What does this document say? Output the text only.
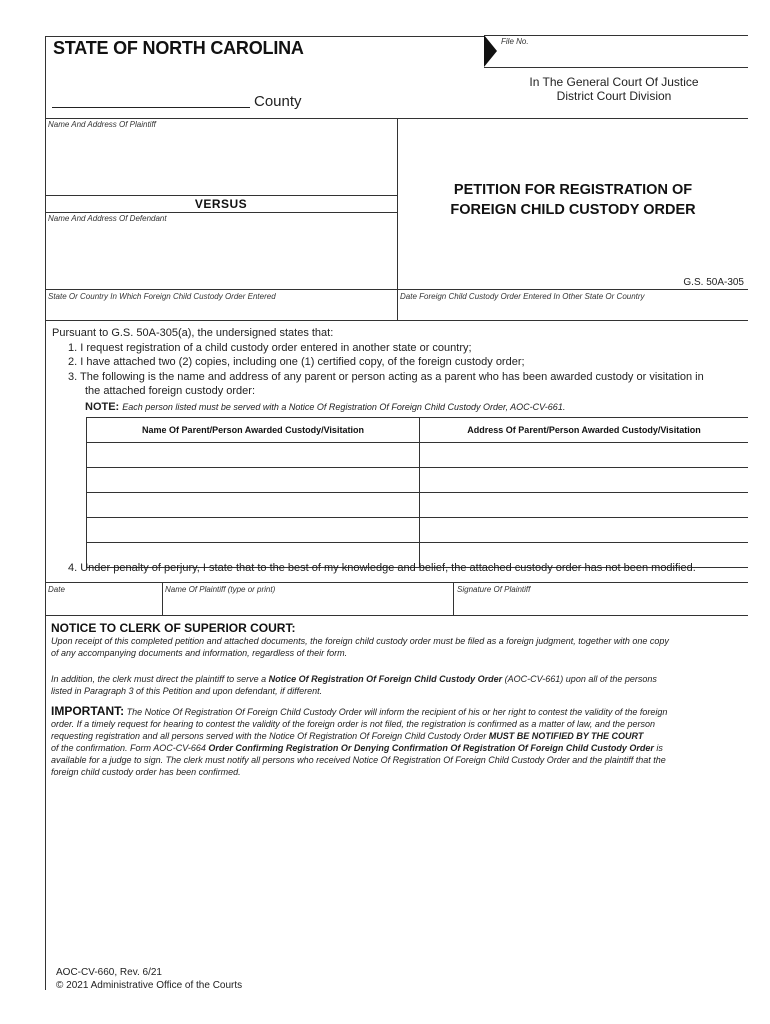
STATE OF NORTH CAROLINA	File No.
In The General Court Of Justice
District Court Division
County
Name And Address Of Plaintiff
VERSUS
Name And Address Of Defendant
PETITION FOR REGISTRATION OF
FOREIGN CHILD CUSTODY ORDER
G.S. 50A-305
State Or Country In Which Foreign Child Custody Order Entered	Date Foreign Child Custody Order Entered In Other State Or Country
Pursuant to G.S. 50A-305(a), the undersigned states that:
1. I request registration of a child custody order entered in another state or country;
2. I have attached two (2) copies, including one (1) certified copy, of the foreign custody order;
3. The following is the name and address of any parent or person acting as a parent who has been awarded custody or visitation in
the attached foreign custody order:
NOTE: Each person listed must be served with a Notice Of Registration Of Foreign Child Custody Order, AOC-CV-661.
Name Of Parent/Person Awarded Custody/Visitation	Address Of Parent/Person Awarded Custody/Visitation

4. Under penalty of perjury, I state that to the best of my knowledge and belief, the attached custody order has not been modified.
Date	Name Of Plaintiff (type or print)	Signature Of Plaintiff
NOTICE TO CLERK OF SUPERIOR COURT:
Upon receipt of this completed petition and attached documents, the foreign child custody order must be filed as a foreign judgment, together with one copy
of any accompanying documents and information, regardless of their form.
In addition, the clerk must direct the plaintiff to serve a Notice Of Registration Of Foreign Child Custody Order (AOC-CV-661) upon all of the persons
listed in Paragraph 3 of this Petition and upon defendant, if different.
IMPORTANT: The Notice Of Registration Of Foreign Child Custody Order will inform the recipient of his or her right to contest the validity of the foreign
order. If a timely request for hearing to contest the validity of the foreign order is not filed, the registration is confirmed as a matter of law, and the person
requesting registration and all persons served with the Notice Of Registration Of Foreign Child Custody Order MUST BE NOTIFIED BY THE COURT
of the confirmation. Form AOC-CV-664 Order Confirming Registration Or Denying Confirmation Of Registration Of Foreign Child Custody Order is
available for a judge to sign. The clerk must notify all persons who received Notice Of Registration Of Foreign Child Custody Order and the plaintiff that the
foreign child custody order has been confirmed.
AOC-CV-660, Rev. 6/21
© 2021 Administrative Office of the Courts
